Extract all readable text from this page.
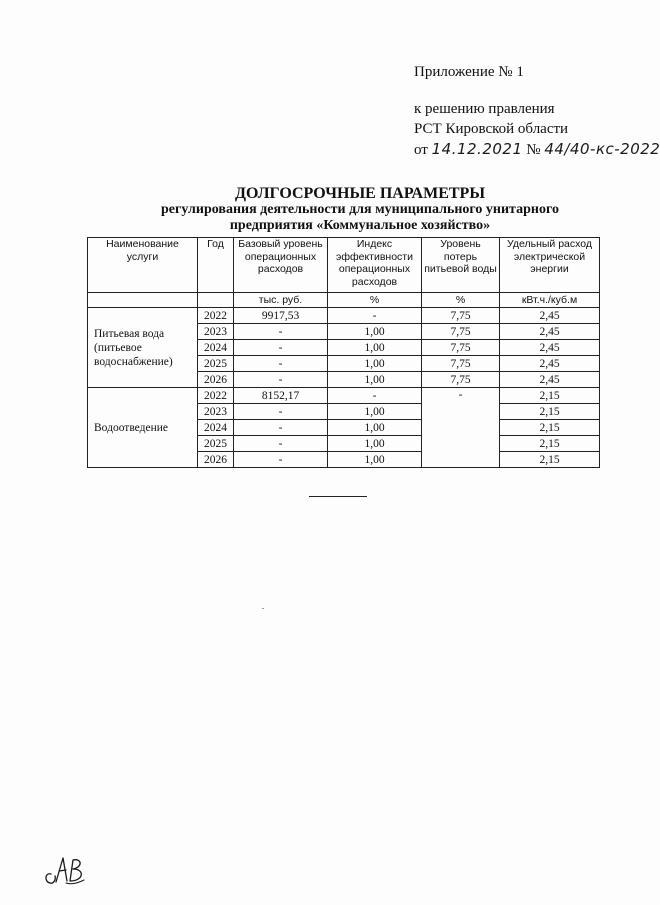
Приложение № 1
к решению правления
РСТ Кировской области
от 14.12.2021 № 44/40-кс-2022
ДОЛГОСРОЧНЫЕ ПАРАМЕТРЫ
регулирования деятельности для муниципального унитарного
предприятия «Коммунальное хозяйство»
Наименование услуги	Год	Базовый уровень операционных расходов	Индекс эффективности операционных расходов	Уровень потерь питьевой воды	Удельный расход электрической энергии
		тыс. руб.	%	%	кВт.ч./куб.м
Питьевая вода (питьевое водоснабжение)	2022	9917,53	-	7,75	2,45
	2023	-	1,00	7,75	2,45
	2024	-	1,00	7,75	2,45
	2025	-	1,00	7,75	2,45
	2026	-	1,00	7,75	2,45
Водоотведение	2022	8152,17	-	-	2,15
	2023	-	1,00		2,15
	2024	-	1,00		2,15
	2025	-	1,00		2,15
	2026	-	1,00		2,15
